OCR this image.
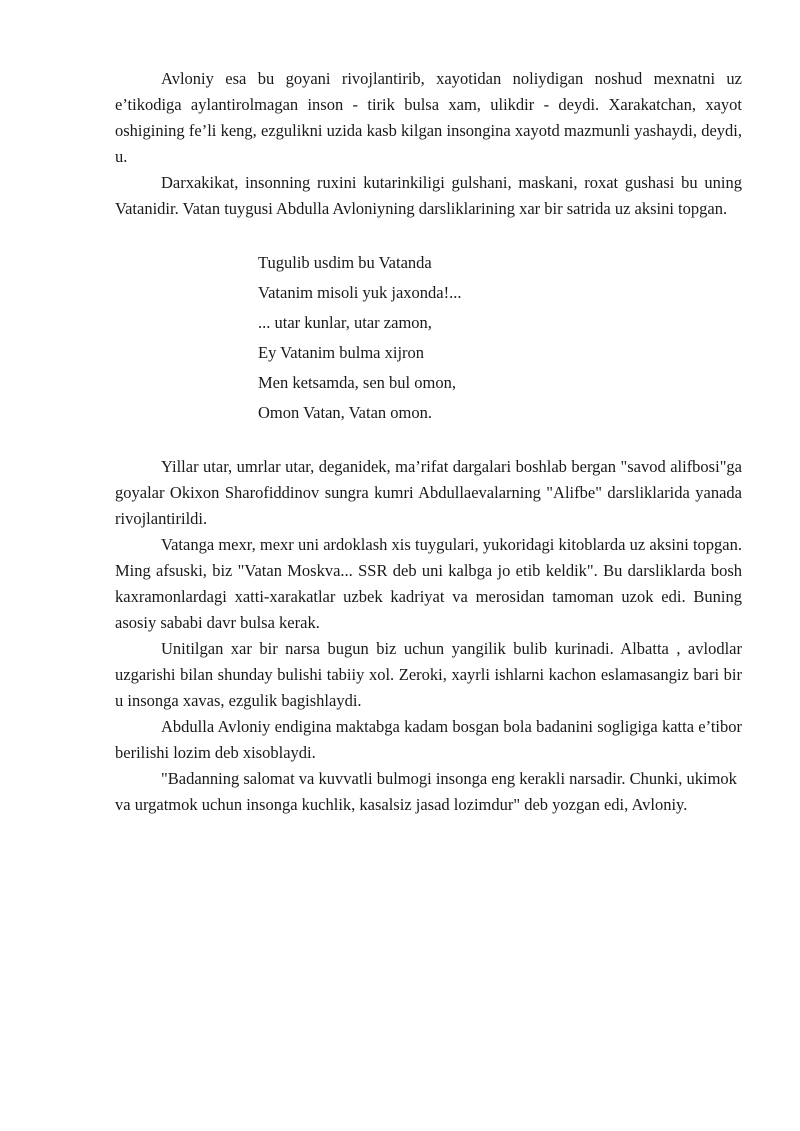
Avloniy esa bu goyani rivojlantirib, xayotidan noliydigan noshud mexnatni uz e’tikodiga aylantirolmagan inson - tirik bulsa xam, ulikdir - deydi. Xarakatchan, xayot oshigining fe’li keng, ezgulikni uzida kasb kilgan insongina xayotd mazmunli yashaydi, deydi, u.

Darxakikat, insonning ruxini kutarinkiligi gulshani, maskani, roxat gushasi bu uning Vatanidir. Vatan tuygusi Abdulla Avloniyning darsliklarining xar bir satrida uz aksini topgan.

Tugulib usdim bu Vatanda
Vatanim misoli yuk jaxonda!...
... utar kunlar, utar zamon,
Ey Vatanim bulma xijron
Men ketsamda, sen bul omon,
Omon Vatan, Vatan omon.

Yillar utar, umrlar utar, deganidek, ma’rifat dargalari boshlab bergan "savod alifbosi"ga goyalar Okixon Sharofiddinov sungra kumri Abdullaevalarning "Alifbe" darsliklarida yanada rivojlantirildi.

Vatanga mexr, mexr uni ardoklash xis tuygulari, yukoridagi kitoblarda uz aksini topgan. Ming afsuski, biz "Vatan Moskva... SSR deb uni kalbga jo etib keldik". Bu darsliklarda bosh kaxramonlardagi xatti-xarakatlar uzbek kadriyat va merosidan tamoman uzok edi. Buning asosiy sababi davr bulsa kerak.

Unitilgan xar bir narsa bugun biz uchun yangilik bulib kurinadi. Albatta , avlodlar uzgarishi bilan shunday bulishi tabiiy xol. Zeroki, xayrli ishlarni kachon eslamasangiz bari bir u insonga xavas, ezgulik bagishlaydi.

Abdulla Avloniy endigina maktabga kadam bosgan bola badanini sogligiga katta e’tibor berilishi lozim deb xisoblaydi.

"Badanning salomat va kuvvatli bulmogi insonga eng kerakli narsadir. Chunki, ukimok va urgatmok uchun insonga kuchlik, kasalsiz jasad lozimdur" deb yozgan edi, Avloniy.
